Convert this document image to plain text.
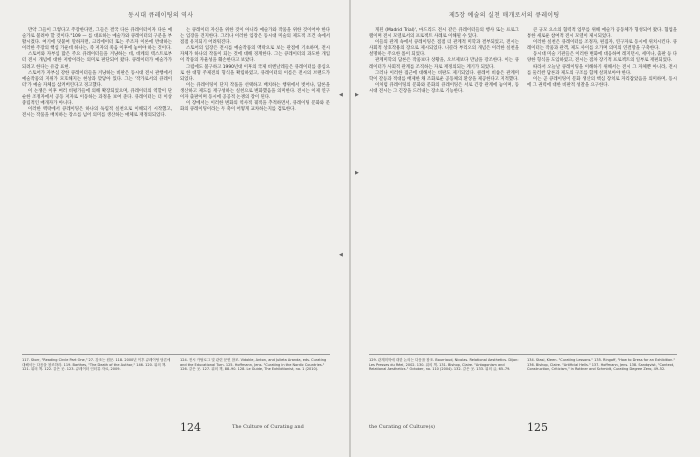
동시대 큐레이팅의 역사

만약 그들이 그렇다고 주장한다면, 그들은 결국 다른 큐레이터이자 다른 예술가로 불려야 할 것이다."109 — 를 대표하는 예술가와 큐레이터의 구분을 부활시켰다. 여기에 덧붙여 말하자면, 크리에이터 또는 주조자 이론에 반대하는 이러한 주장의 핵심 가운데 하나는, 즉 저자의 죽음 이후에 놓여야 하는 것이다.

스토어와 자부심 많은 주요 큐레이터들을 겨냥하는 데, 데케의 텍스트로부터 전시 개념에 대한 저항이라는 의미로 판단되어 왔다. 큐레이터가 예술가가 되려고 한다는 유감 표현.

스토어가 자부심 강한 큐레이터들을 겨냥하는 비판은 동시대 전시 관행에서 예술작품의 지위가 모호해지는 현상과 맞닿아 있다. 그는 '작가로서의 큐레이터'가 예술 자체를 삼켜버린다고 경고했다.

이 논쟁은 이후 여러 비평가들에 의해 확장되었으며, 큐레이터의 역할이 단순한 조정자에서 공동 저자로 이동하는 과정을 보여 준다. 큐레이터는 더 이상 중립적인 매개자가 아니다.

이러한 맥락에서 큐레이팅은 하나의 독립적 실천으로 이해되기 시작했고, 전시는 작품을 배치하는 장소를 넘어 의미를 생산하는 매체로 재정의되었다.

는 큐레이터 자신을 위한 것이 아니라 예술가와 작품을 위한 것이어야 한다는 입장을 견지한다. 그러나 이러한 입장은 동시대 미술의 제도적 조건 속에서 점점 유지되기 어려워진다.

스토어의 입장은 전시를 예술작품의 맥락으로 보는 관점에 기초하며, 전시 자체가 하나의 작품이 되는 것에 대해 경계한다. 그는 큐레이터의 과도한 개입이 작품의 자율성을 훼손한다고 보았다.

그럼에도 불구하고 1990년대 이후의 국제 비엔날레들은 큐레이터를 중심으로 한 대형 주제전의 형식을 확립하였고, 큐레이터의 이름은 전시의 브랜드가 되었다.

이는 큐레이팅이 단지 작품을 선택하고 배치하는 행위에서 벗어나, 담론을 생산하고 제도를 재구성하는 실천으로 변화했음을 의미한다. 전시는 이제 연구이자 출판이며 동시에 공공적 논쟁의 장이 된다.

이 장에서는 이러한 변화의 역사적 궤적을 추적하면서, 큐레이팅 문화와 문화의 큐레이팅이라는 두 축이 어떻게 교차하는지를 검토한다.

◀
◀
117. Storr, "Reading Circle Part One," 27. 강조는 원문. 118. 2000년 이후 큐레이팅 담론에 대해서는 다음을 참조하라. 119. Barthes, "The Death of the Author," 146. 120. 위의 책. 121. 위의 책. 122. 같은 곳. 123. 큐레이터 인터뷰 자료, 2009.
124. 전시 카탈로그 및 관련 문헌 참조. Vidokle, Anton, and Julieta Aranda, eds. Curating and the Educational Turn. 125. Hoffmann, Jens. "Curating in the Nordic Countries." 126. 같은 곳. 127. 위의 책, 88–90. 128. Le Guide, The Exhibitionist, no. 1 (2010).
124	The Culture of Curating and
제5장 예술의 실천 매개로서의 큐레이팅

게된 (Madrid Trial)', 마드리드 전시 같은 큐레이터들의 행사 또는 프로그램이며 전시 모델로서의 프로젝트 사례로 이해될 수 있다.

이들의 관계 속에서 큐레이팅은 점점 더 관계적 미학과 결부되었고, 전시는 사회적 상호작용의 장으로 제시되었다. 니콜라 부리오의 개념은 이러한 실천을 설명하는 주요한 틀이 되었다.

관계미학의 담론은 작품보다 상황을, 오브제보다 만남을 강조한다. 이는 큐레이터가 사회적 관계를 조직하는 자로 재정의되는 계기가 되었다.

그러나 이러한 접근에 대해서는 비판도 제기되었다. 클레어 비숍은 관계미학이 갈등과 적대를 배제한 채 조화로운 공동체의 환상을 제공한다고 지적했다.

이처럼 큐레이팅의 문화와 문화의 큐레이팅은 서로 긴장 관계에 놓이며, 동시대 전시는 그 긴장을 드러내는 장소로 기능한다.

큰 규모 요소의 협력적 업무를 위해 예술가 공동체가 형성되어 왔다. 협업을 통한 새로운 참여적 전시 모델이 제시되었다.

이러한 실천은 큐레이터를 조정자, 편집자, 연구자로 동시에 위치시킨다. 큐레이터는 작품과 관객, 제도 사이를 오가며 의미의 연결망을 구축한다.

동시대 미술 기관들은 이러한 변화에 대응하여 레지던시, 세미나, 출판 등 다양한 형식을 도입하였고, 전시는 점차 장기적 프로젝트의 일부로 재편되었다.

따라서 오늘날 큐레이팅을 이해하기 위해서는 전시 그 자체뿐 아니라, 전시를 둘러싼 담론과 제도의 구조를 함께 살펴보아야 한다.

이는 곧 큐레이팅이 문화 생산의 핵심 장치로 자리잡았음을 의미하며, 동시에 그 권력에 대한 비판적 성찰을 요구한다.

▶
▶
129. 관계미학에 대한 논의는 다음을 참조. Bourriaud, Nicolas. Relational Aesthetics. Dijon: Les Presses du Réel, 2002. 130. 위의 책. 131. Bishop, Claire. "Antagonism and Relational Aesthetics." October, no. 110 (2004). 132. 같은 곳. 133. 위의 글, 65–79.
134. Stasi, Kleen. "Curating Lessons." 135. Ringoff, "How to Dress for an Exhibition." 136. Bishop, Claire. "Artificial Hells." 137. Hoffmann, Jens. 138. Sandqvist, "Context, Construction, Criticism," in Rottner and Schmidt, Curating Degree Zero, 49–52.
the Curating of Culture(s)	125
